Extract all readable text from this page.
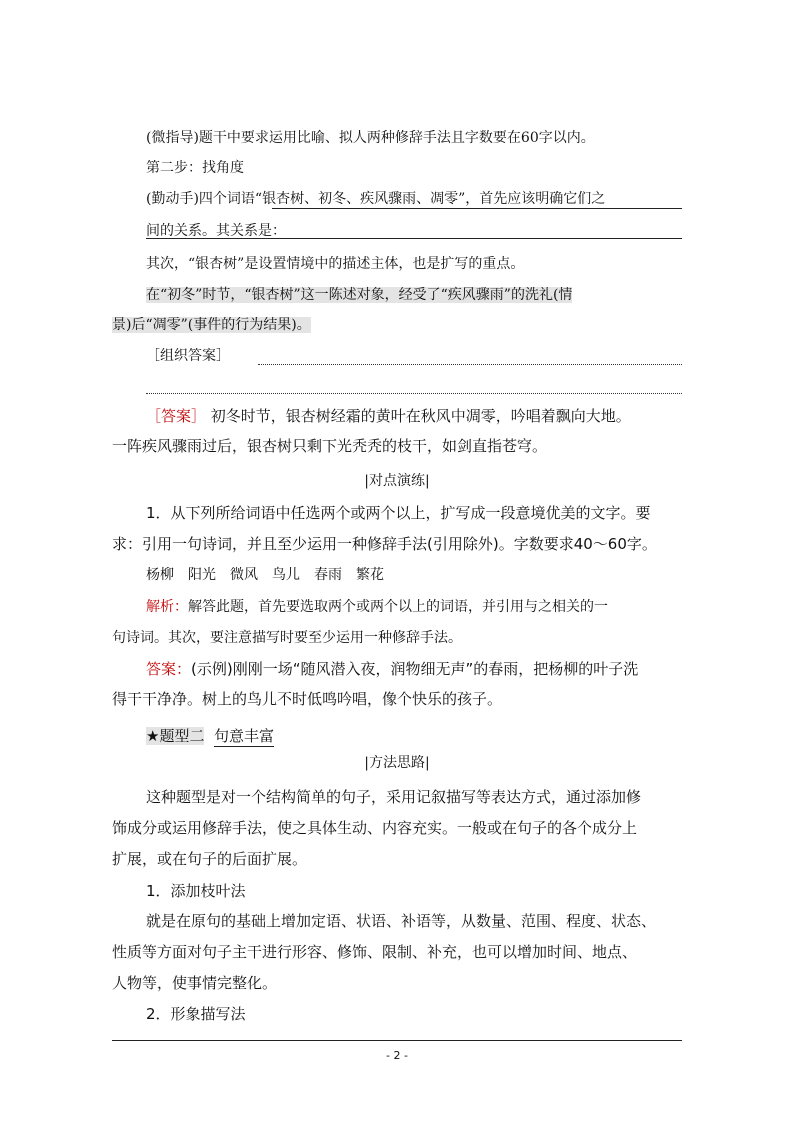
(微指导)题干中要求运用比喻、拟人两种修辞手法且字数要在60字以内。
第二步：找角度
(勤动手)四个词语“银杏树、初冬、疾风骤雨、凋零”，首先应该明确它们之
间的关系。其关系是：
其次，“银杏树”是设置情境中的描述主体，也是扩写的重点。
在“初冬”时节，“银杏树”这一陈述对象，经受了“疾风骤雨”的洗礼(情
景)后“凋零”(事件的行为结果)。
［组织答案］
［答案］ 初冬时节，银杏树经霜的黄叶在秋风中凋零，吟唱着飘向大地。
一阵疾风骤雨过后，银杏树只剩下光秃秃的枝干，如剑直指苍穹。
|对点演练|
1．从下列所给词语中任选两个或两个以上，扩写成一段意境优美的文字。要
求：引用一句诗词，并且至少运用一种修辞手法(引用除外)。字数要求40～60字。
杨柳　阳光　微风　鸟儿　春雨　繁花
解析：解答此题，首先要选取两个或两个以上的词语，并引用与之相关的一
句诗词。其次，要注意描写时要至少运用一种修辞手法。
答案：(示例)刚刚一场“随风潜入夜，润物细无声”的春雨，把杨柳的叶子洗
得干干净净。树上的鸟儿不时低鸣吟唱，像个快乐的孩子。
★题型二 句意丰富
|方法思路|
这种题型是对一个结构简单的句子，采用记叙描写等表达方式，通过添加修
饰成分或运用修辞手法，使之具体生动、内容充实。一般或在句子的各个成分上
扩展，或在句子的后面扩展。
1．添加枝叶法
就是在原句的基础上增加定语、状语、补语等，从数量、范围、程度、状态、
性质等方面对句子主干进行形容、修饰、限制、补充，也可以增加时间、地点、
人物等，使事情完整化。
2．形象描写法
- 2 -
